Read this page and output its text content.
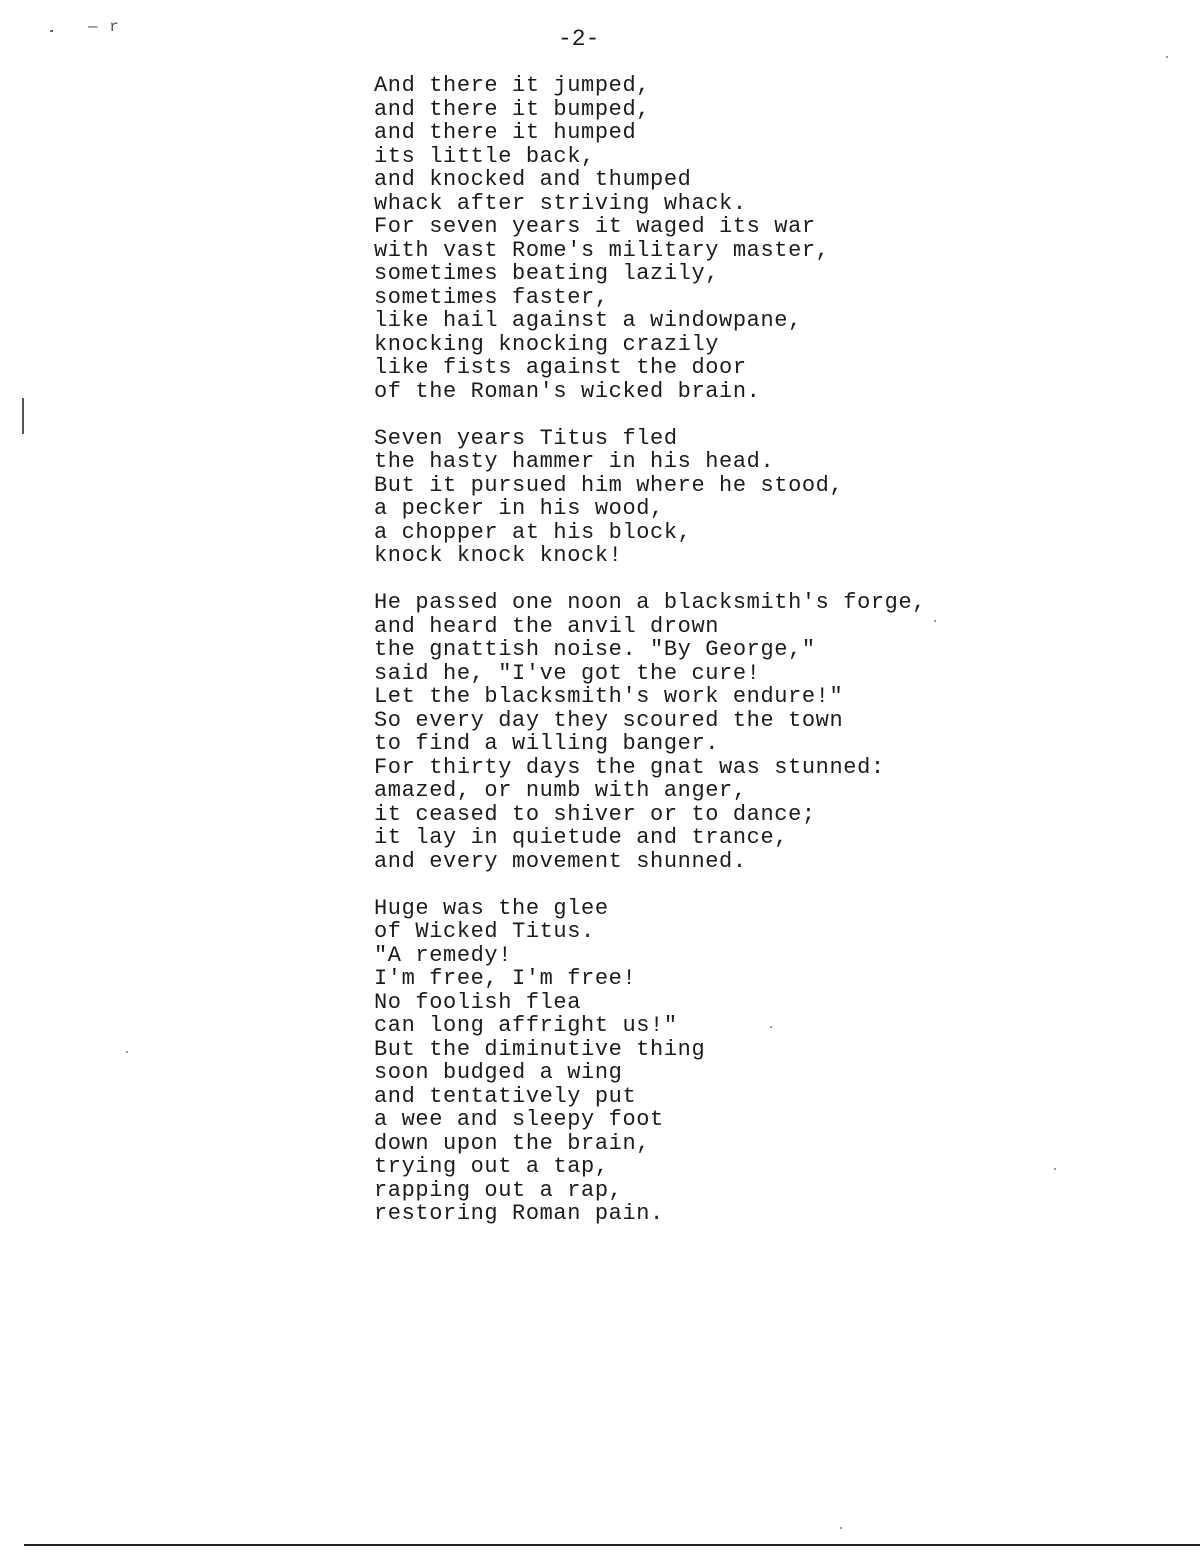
— r	-2-
And there it jumped,
and there it bumped,
and there it humped
its little back,
and knocked and thumped
whack after striving whack.
For seven years it waged its war
with vast Rome's military master,
sometimes beating lazily,
sometimes faster,
like hail against a windowpane,
knocking knocking crazily
like fists against the door
of the Roman's wicked brain.
Seven years Titus fled
the hasty hammer in his head.
But it pursued him where he stood,
a pecker in his wood,
a chopper at his block,
knock knock knock!
He passed one noon a blacksmith's forge,
and heard the anvil drown
the gnattish noise. "By George,"
said he, "I've got the cure!
Let the blacksmith's work endure!"
So every day they scoured the town
to find a willing banger.
For thirty days the gnat was stunned:
amazed, or numb with anger,
it ceased to shiver or to dance;
it lay in quietude and trance,
and every movement shunned.
Huge was the glee
of Wicked Titus.
"A remedy!
I'm free, I'm free!
No foolish flea
can long affright us!"
But the diminutive thing
soon budged a wing
and tentatively put
a wee and sleepy foot
down upon the brain,
trying out a tap,
rapping out a rap,
restoring Roman pain.
